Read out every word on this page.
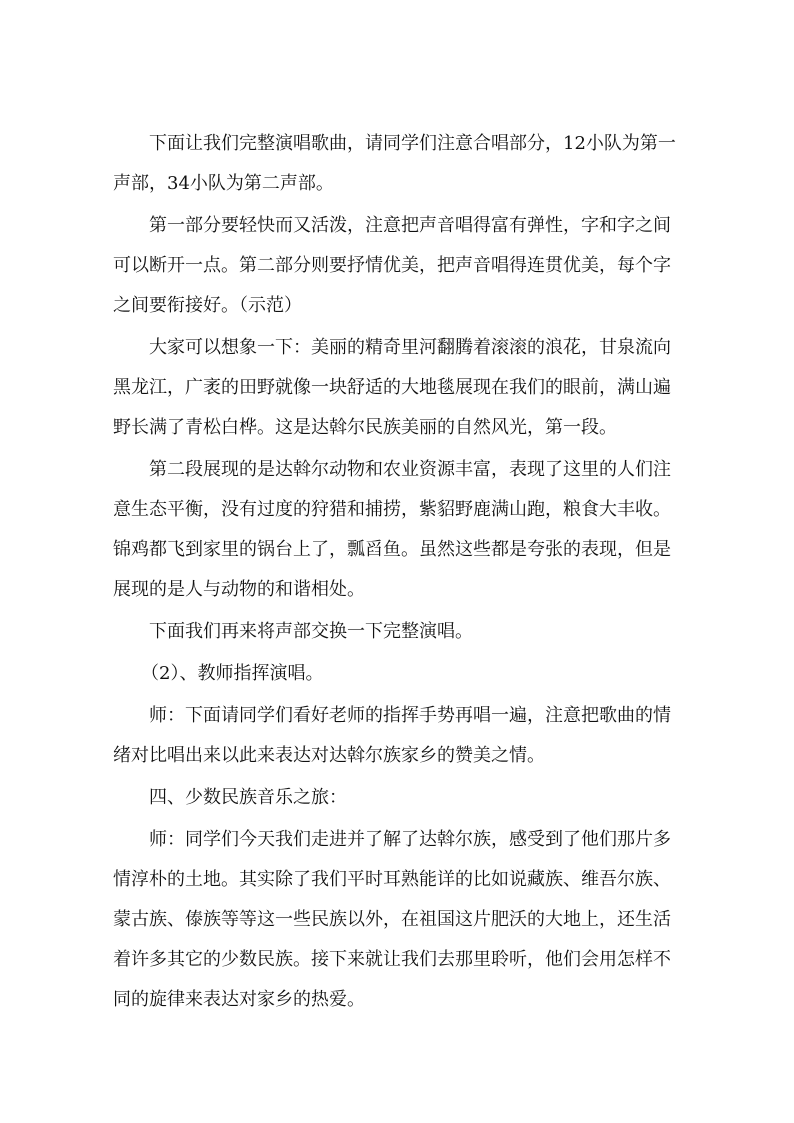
下面让我们完整演唱歌曲，请同学们注意合唱部分，12小队为第一声部，34小队为第二声部。

第一部分要轻快而又活泼，注意把声音唱得富有弹性，字和字之间可以断开一点。第二部分则要抒情优美，把声音唱得连贯优美，每个字之间要衔接好。（示范）

大家可以想象一下：美丽的精奇里河翻腾着滚滚的浪花，甘泉流向黑龙江，广袤的田野就像一块舒适的大地毯展现在我们的眼前，满山遍野长满了青松白桦。这是达斡尔民族美丽的自然风光，第一段。

第二段展现的是达斡尔动物和农业资源丰富，表现了这里的人们注意生态平衡，没有过度的狩猎和捕捞，紫貂野鹿满山跑，粮食大丰收。锦鸡都飞到家里的锅台上了，瓢舀鱼。虽然这些都是夸张的表现，但是展现的是人与动物的和谐相处。

下面我们再来将声部交换一下完整演唱。

（2）、教师指挥演唱。

师：下面请同学们看好老师的指挥手势再唱一遍，注意把歌曲的情绪对比唱出来以此来表达对达斡尔族家乡的赞美之情。

四、少数民族音乐之旅：

师：同学们今天我们走进并了解了达斡尔族，感受到了他们那片多情淳朴的土地。其实除了我们平时耳熟能详的比如说藏族、维吾尔族、蒙古族、傣族等等这一些民族以外，在祖国这片肥沃的大地上，还生活着许多其它的少数民族。接下来就让我们去那里聆听，他们会用怎样不同的旋律来表达对家乡的热爱。
